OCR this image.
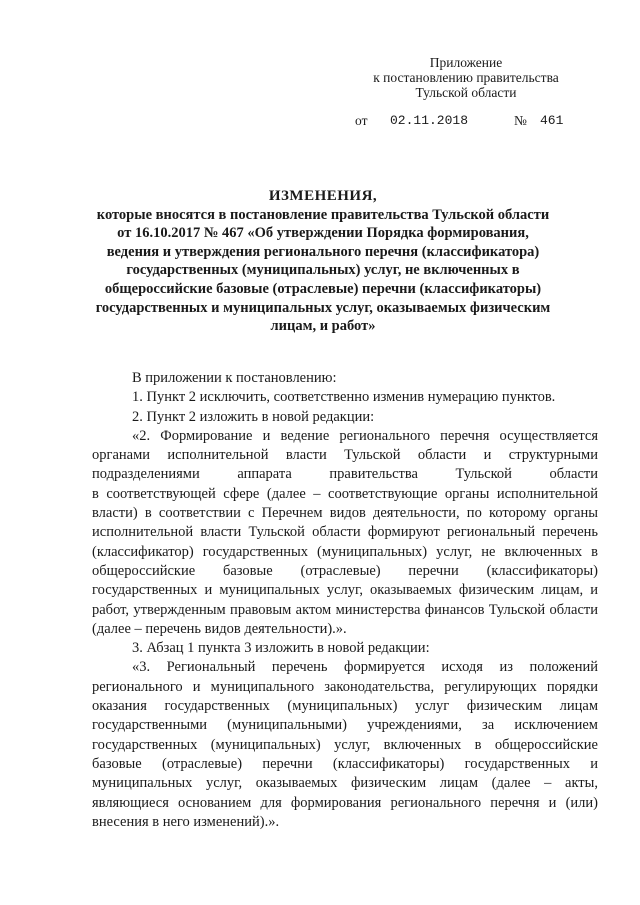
Приложение
к постановлению правительства
Тульской области
от 02.11.2018	№ 461
ИЗМЕНЕНИЯ,
которые вносятся в постановление правительства Тульской области от 16.10.2017 № 467 «Об утверждении Порядка формирования, ведения и утверждения регионального перечня (классификатора) государственных (муниципальных) услуг, не включенных в общероссийские базовые (отраслевые) перечни (классификаторы) государственных и муниципальных услуг, оказываемых физическим лицам, и работ»

В приложении к постановлению:

1. Пункт 2 исключить, соответственно изменив нумерацию пунктов.

2. Пункт 2 изложить в новой редакции:

«2. Формирование и ведение регионального перечня осуществляется органами исполнительной власти Тульской области и структурными подразделениями аппарата правительства Тульской области

в соответствующей сфере (далее – соответствующие органы исполнительной власти) в соответствии с Перечнем видов деятельности, по которому органы исполнительной власти Тульской области формируют региональный перечень (классификатор) государственных (муниципальных) услуг, не включенных в общероссийские базовые (отраслевые) перечни (классификаторы) государственных и муниципальных услуг, оказываемых физическим лицам, и работ, утвержденным правовым актом министерства финансов Тульской области (далее – перечень видов деятельности).».

3. Абзац 1 пункта 3 изложить в новой редакции:

«3. Региональный перечень формируется исходя из положений регионального и муниципального законодательства, регулирующих порядки оказания государственных (муниципальных) услуг физическим лицам государственными (муниципальными) учреждениями, за исключением государственных (муниципальных) услуг, включенных в общероссийские базовые (отраслевые) перечни (классификаторы) государственных и муниципальных услуг, оказываемых физическим лицам (далее – акты, являющиеся основанием для формирования регионального перечня и (или) внесения в него изменений).».
